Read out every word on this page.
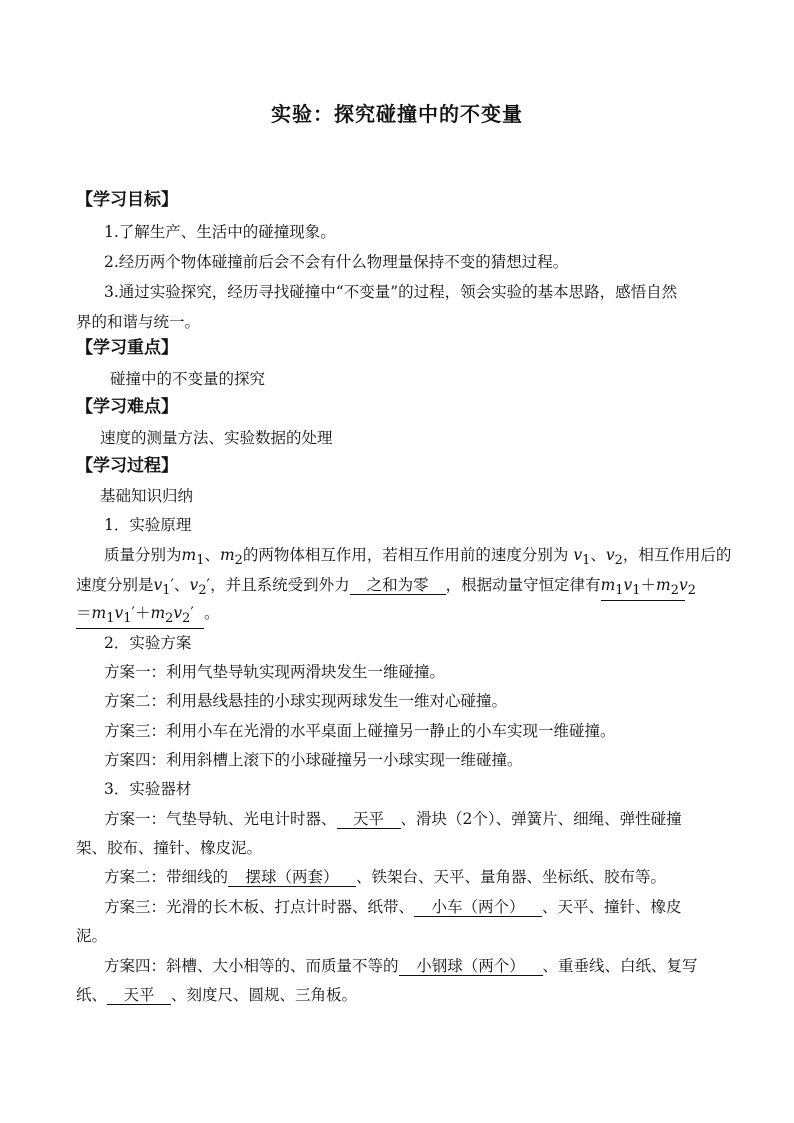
实验：探究碰撞中的不变量
【学习目标】
1.了解生产、生活中的碰撞现象。
2.经历两个物体碰撞前后会不会有什么物理量保持不变的猜想过程。
3.通过实验探究，经历寻找碰撞中“不变量”的过程，领会实验的基本思路，感悟自然
界的和谐与统一。
【学习重点】
碰撞中的不变量的探究
【学习难点】
速度的测量方法、实验数据的处理
【学习过程】
基础知识归纳
1．实验原理
质量分别为$m_1$、$m_2$的两物体相互作用，若相互作用前的速度分别为 $v_1$、$v_2$，相互作用后的
速度分别是$v_1'$、$v_2'$，并且系统受到外力 之和为零 ，根据动量守恒定律有$m_1v_1+m_2v_2$
$=m_1v_1'+m_2v_2'$ 。
2．实验方案
方案一：利用气垫导轨实现两滑块发生一维碰撞。
方案二：利用悬线悬挂的小球实现两球发生一维对心碰撞。
方案三：利用小车在光滑的水平桌面上碰撞另一静止的小车实现一维碰撞。
方案四：利用斜槽上滚下的小球碰撞另一小球实现一维碰撞。
3．实验器材
方案一：气垫导轨、光电计时器、 天平 、滑块（2个）、弹簧片、细绳、弹性碰撞
架、胶布、撞针、橡皮泥。
方案二：带细线的 摆球（两套） 、铁架台、天平、量角器、坐标纸、胶布等。
方案三：光滑的长木板、打点计时器、纸带、 小车（两个） 、天平、撞针、橡皮
泥。
方案四：斜槽、大小相等的、而质量不等的 小钢球（两个） 、重垂线、白纸、复写
纸、 天平 、刻度尺、圆规、三角板。
